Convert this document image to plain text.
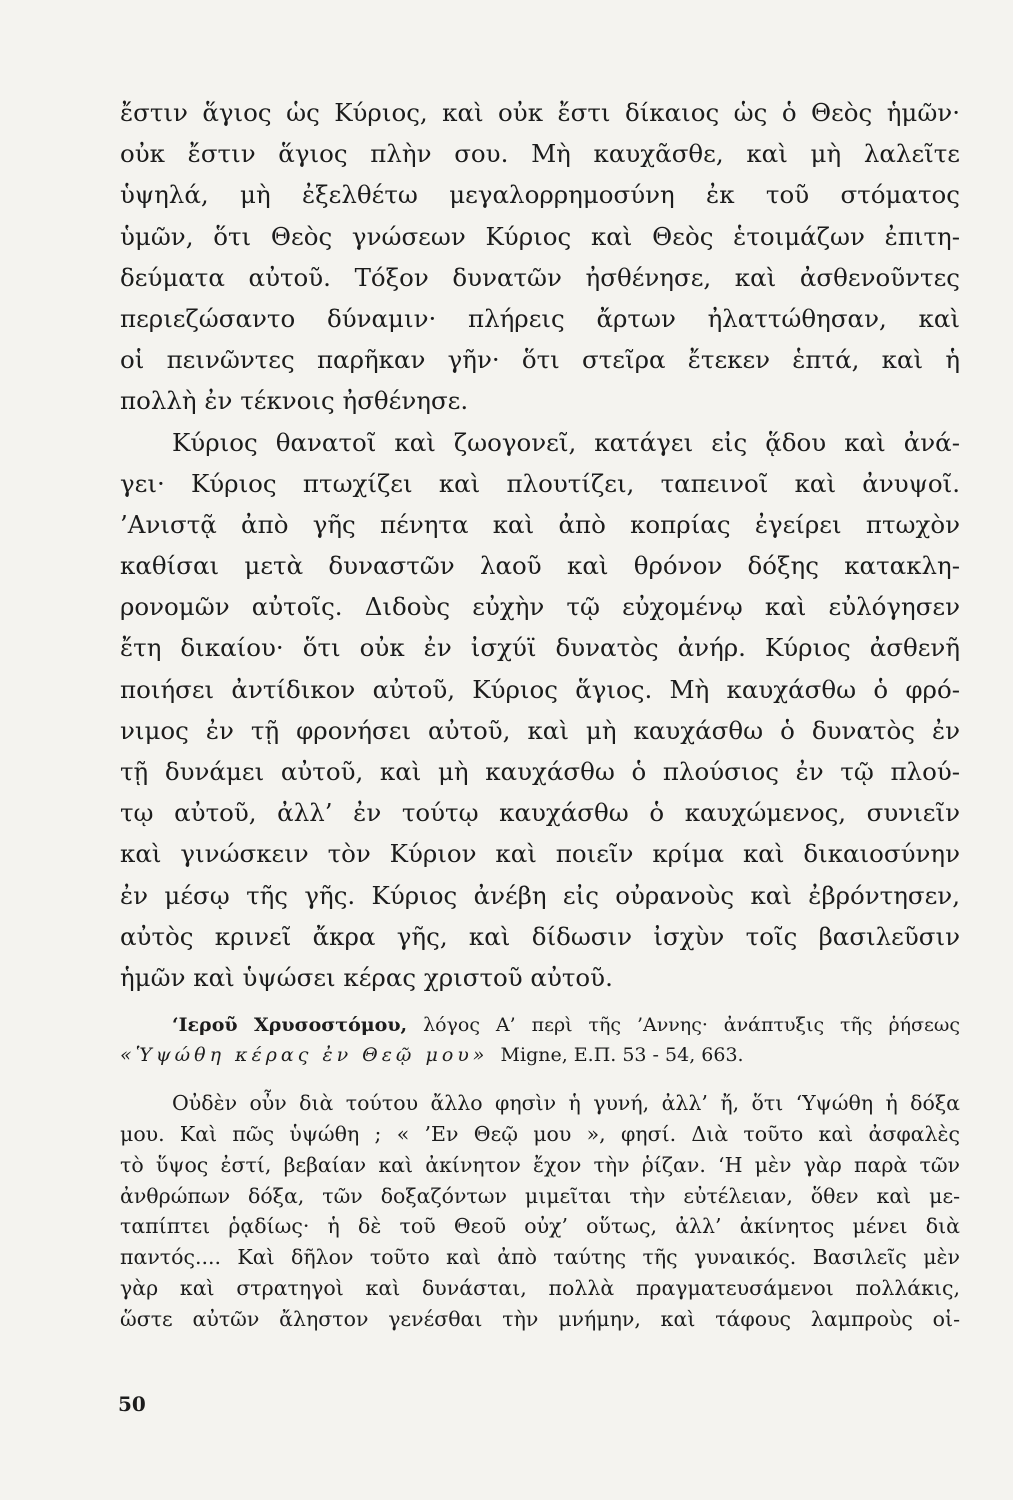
ἔστιν ἅγιος ὡς Κύριος, καὶ οὐκ ἔστι δίκαιος ὡς ὁ Θεὸς ἡμῶν·
οὐκ ἔστιν ἅγιος πλὴν σου. Μὴ καυχᾶσθε, καὶ μὴ λαλεῖτε
ὑψηλά, μὴ ἐξελθέτω μεγαλορρημοσύνη ἐκ τοῦ στόματος
ὑμῶν, ὅτι Θεὸς γνώσεων Κύριος καὶ Θεὸς ἑτοιμάζων ἐπιτη-
δεύματα αὐτοῦ. Τόξον δυνατῶν ἠσθένησε, καὶ ἀσθενοῦντες
περιεζώσαντο δύναμιν· πλήρεις ἄρτων ἠλαττώθησαν, καὶ
οἱ πεινῶντες παρῆκαν γῆν· ὅτι στεῖρα ἔτεκεν ἑπτά, καὶ ἡ
πολλὴ ἐν τέκνοις ἠσθένησε.
Κύριος θανατοῖ καὶ ζωογονεῖ, κατάγει εἰς ᾅδου καὶ ἀνά-
γει· Κύριος πτωχίζει καὶ πλουτίζει, ταπεινοῖ καὶ ἀνυψοῖ.
’Ανιστᾷ ἀπὸ γῆς πένητα καὶ ἀπὸ κοπρίας ἐγείρει πτωχὸν
καθίσαι μετὰ δυναστῶν λαοῦ καὶ θρόνον δόξης κατακλη-
ρονομῶν αὐτοῖς. Διδοὺς εὐχὴν τῷ εὐχομένῳ καὶ εὐλόγησεν
ἔτη δικαίου· ὅτι οὐκ ἐν ἰσχύϊ δυνατὸς ἀνήρ. Κύριος ἀσθενῆ
ποιήσει ἀντίδικον αὐτοῦ, Κύριος ἅγιος. Μὴ καυχάσθω ὁ φρό-
νιμος ἐν τῇ φρονήσει αὐτοῦ, καὶ μὴ καυχάσθω ὁ δυνατὸς ἐν
τῇ δυνάμει αὐτοῦ, καὶ μὴ καυχάσθω ὁ πλούσιος ἐν τῷ πλού-
τῳ αὐτοῦ, ἀλλ’ ἐν τούτῳ καυχάσθω ὁ καυχώμενος, συνιεῖν
καὶ γινώσκειν τὸν Κύριον καὶ ποιεῖν κρίμα καὶ δικαιοσύνην
ἐν μέσῳ τῆς γῆς. Κύριος ἀνέβη εἰς οὐρανοὺς καὶ ἐβρόντησεν,
αὐτὸς κρινεῖ ἄκρα γῆς, καὶ δίδωσιν ἰσχὺν τοῖς βασιλεῦσιν
ἡμῶν καὶ ὑψώσει κέρας χριστοῦ αὐτοῦ.
‘Ιεροῦ Χρυσοστόμου, λόγος Α’ περὶ τῆς ’Αννης· ἀνάπτυξις τῆς ῥήσεως
«Ὑψώθη κέρας ἐν Θεῷ μου» Migne, Ε.Π. 53 - 54, 663.
Οὐδὲν οὖν διὰ τούτου ἄλλο φησὶν ἡ γυνή, ἀλλ’ ἤ, ὅτι ‘Υψώθη ἡ δόξα
μου. Καὶ πῶς ὑψώθη ; « ’Εν Θεῷ μου », φησί. Διὰ τοῦτο καὶ ἀσφαλὲς
τὸ ὕψος ἐστί, βεβαίαν καὶ ἀκίνητον ἔχον τὴν ῥίζαν. ‘Η μὲν γὰρ παρὰ τῶν
ἀνθρώπων δόξα, τῶν δοξαζόντων μιμεῖται τὴν εὐτέλειαν, ὅθεν καὶ με-
ταπίπτει ῥᾳδίως· ἡ δὲ τοῦ Θεοῦ οὐχ’ οὕτως, ἀλλ’ ἀκίνητος μένει διὰ
παντός.... Καὶ δῆλον τοῦτο καὶ ἀπὸ ταύτης τῆς γυναικός. Βασιλεῖς μὲν
γὰρ καὶ στρατηγοὶ καὶ δυνάσται, πολλὰ πραγματευσάμενοι πολλάκις,
ὥστε αὐτῶν ἄληστον γενέσθαι τὴν μνήμην, καὶ τάφους λαμπροὺς οἱ-
50
